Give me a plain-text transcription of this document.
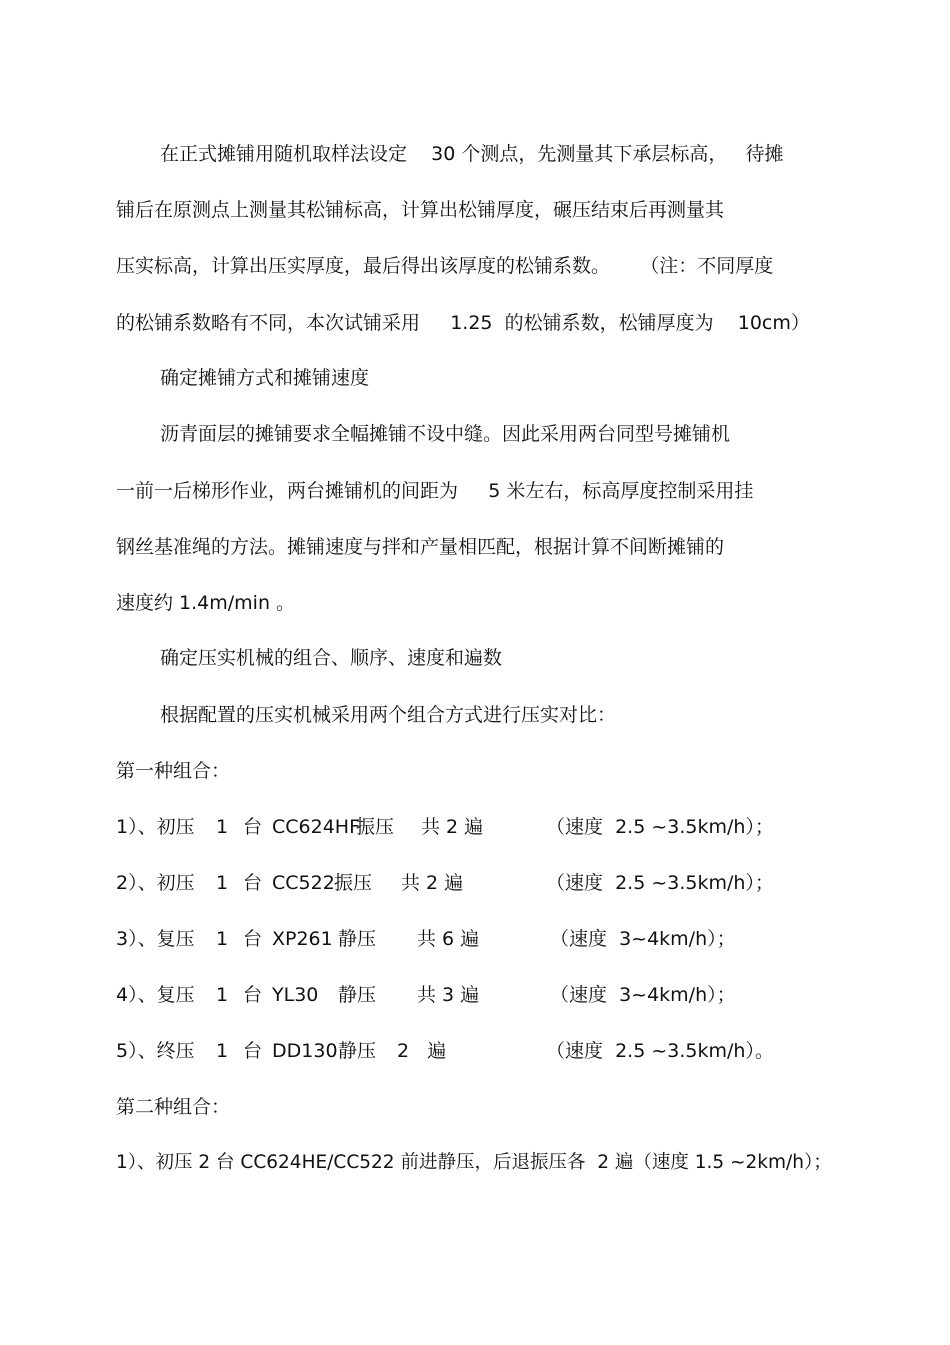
在正式摊铺用随机取样法设定    30 个测点，先测量其下承层标高，   待摊
铺后在原测点上测量其松铺标高，计算出松铺厚度，碾压结束后再测量其
压实标高，计算出压实厚度，最后得出该厚度的松铺系数。     （注：不同厚度
的松铺系数略有不同，本次试铺采用     1.25  的松铺系数，松铺厚度为    10cm）
确定摊铺方式和摊铺速度
沥青面层的摊铺要求全幅摊铺不设中缝。因此采用两台同型号摊铺机
一前一后梯形作业，两台摊铺机的间距为     5 米左右，标高厚度控制采用挂
钢丝基准绳的方法。摊铺速度与拌和产量相匹配，根据计算不间断摊铺的
速度约 1.4m/min 。
确定压实机械的组合、顺序、速度和遍数
根据配置的压实机械采用两个组合方式进行压实对比：
第一种组合：
1）、初压 1 台 CC624HF
振压 共 2 遍	（速度  2.5 ~3.5km/h）；
2）、初压 1 台 CC522 振压 共 2 遍	（速度  2.5 ~3.5km/h）；
3）、复压 1 台 XP261 静压 共 6 遍	（速度  3~4km/h）；
4）、复压 1 台 YL30 静压 共 3 遍	（速度  3~4km/h）；
5）、终压 1 台 DD130 静压 2   遍	（速度  2.5 ~3.5km/h）。
第二种组合：
1）、初压 2 台 CC624HE/CC522 前进静压，后退振压各  2 遍（速度 1.5 ~2km/h）；
